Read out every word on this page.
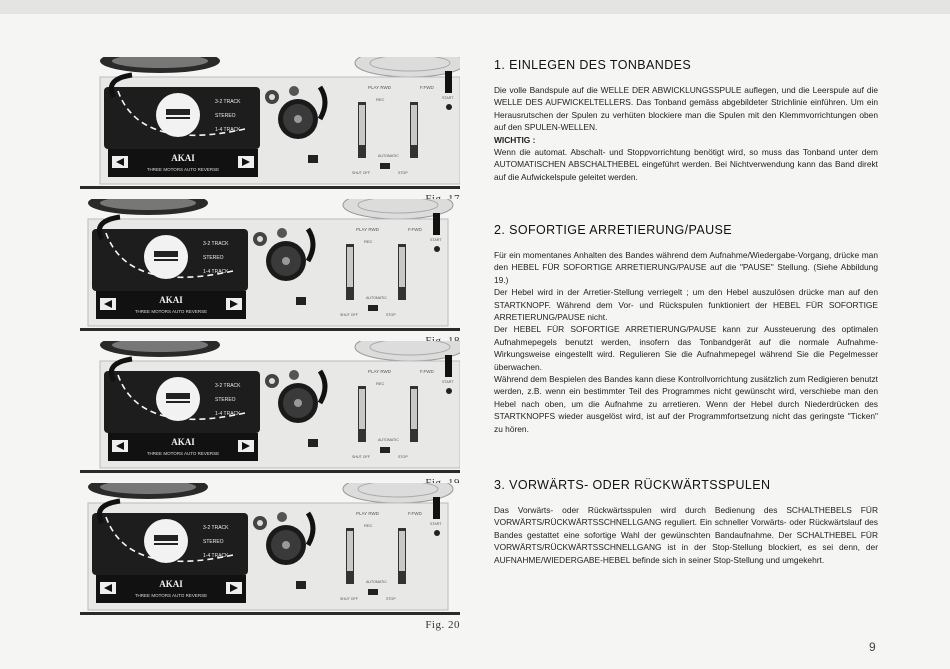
3-2 TRACK
STEREO
1-4 TRACK
AKAI
THREE MOTORS AUTO REVERSE
PLAY RWD	F.FWD
REC	START
AUTOMATIC
SHUT OFF	STOP
3-2 TRACK
STEREO
1-4 TRACK
AKAI
THREE MOTORS AUTO REVERSE
PLAY RWD	F.FWD
REC	START
AUTOMATIC
SHUT OFF	STOP
3-2 TRACK
STEREO
1-4 TRACK
AKAI
THREE MOTORS AUTO REVERSE
PLAY RWD	F.FWD
REC	START
AUTOMATIC
SHUT OFF	STOP
3-2 TRACK
STEREO
1-4 TRACK
AKAI
THREE MOTORS AUTO REVERSE
PLAY RWD	F.FWD
REC	START
AUTOMATIC
SHUT OFF	STOP
Fig. 20
1. EINLEGEN DES TONBANDES

Die volle Bandspule auf die WELLE DER ABWICKLUNGSSPULE auflegen, und die Leerspule auf die WELLE DES AUFWICKELTELLERS. Das Tonband gemäss abgebildeter Strichlinie einführen. Um ein Herausrutschen der Spulen zu verhüten blockiere man die Spulen mit den Klemmvorrichtungen oben auf den SPULEN-WELLEN.

WICHTIG :

Wenn die automat. Abschalt- und Stoppvorrichtung benötigt wird, so muss das Tonband unter dem AUTOMATISCHEN ABSCHALTHEBEL eingeführt werden. Bei Nichtverwendung kann das Band direkt auf die Aufwickelspule geleitet werden.

2. SOFORTIGE ARRETIERUNG/PAUSE

Für ein momentanes Anhalten des Bandes während dem Aufnahme/Wiedergabe-Vorgang, drücke man den HEBEL FÜR SOFORTIGE ARRETIERUNG/PAUSE auf die "PAUSE" Stellung. (Siehe Abbildung 19.)

Der Hebel wird in der Arretier-Stellung verriegelt ; um den Hebel auszulösen drücke man auf den STARTKNOPF. Während dem Vor- und Rückspulen funktioniert der HEBEL FÜR SOFORTIGE ARRETIERUNG/PAUSE nicht.

Der HEBEL FÜR SOFORTIGE ARRETIERUNG/PAUSE kann zur Aussteuerung des optimalen Aufnahmepegels benutzt werden, insofern das Tonbandgerät auf die normale Aufnahme-Wirkungsweise eingestellt wird. Regulieren Sie die Aufnahmepegel während Sie die Pegelmesser überwachen.

Während dem Bespielen des Bandes kann diese Kontrollvorrichtung zusätzlich zum Redigieren benutzt werden, z.B. wenn ein bestimmter Teil des Programmes nicht gewünscht wird, verschiebe man den Hebel nach oben, um die Aufnahme zu arretieren. Wenn der Hebel durch Niederdrücken des STARTKNOPFS wieder ausgelöst wird, ist auf der Programmfortsetzung nicht das geringste "Ticken" zu hören.

3. VORWÄRTS- ODER RÜCKWÄRTSSPULEN

Das Vorwärts- oder Rückwärtsspulen wird durch Bedienung des SCHALTHEBELS FÜR VORWÄRTS/RÜCKWÄRTSSCHNELLGANG reguliert. Ein schneller Vorwärts- oder Rückwärtslauf des Bandes gestattet eine sofortige Wahl der gewünschten Bandaufnahme. Der SCHALTHEBEL FÜR VORWÄRTS/RÜCKWÄRTSSCHNELLGANG ist in der Stop-Stellung blockiert, es sei denn, der AUFNAHME/WIEDERGABE-HEBEL befinde sich in seiner Stop-Stellung und umgekehrt.

9
